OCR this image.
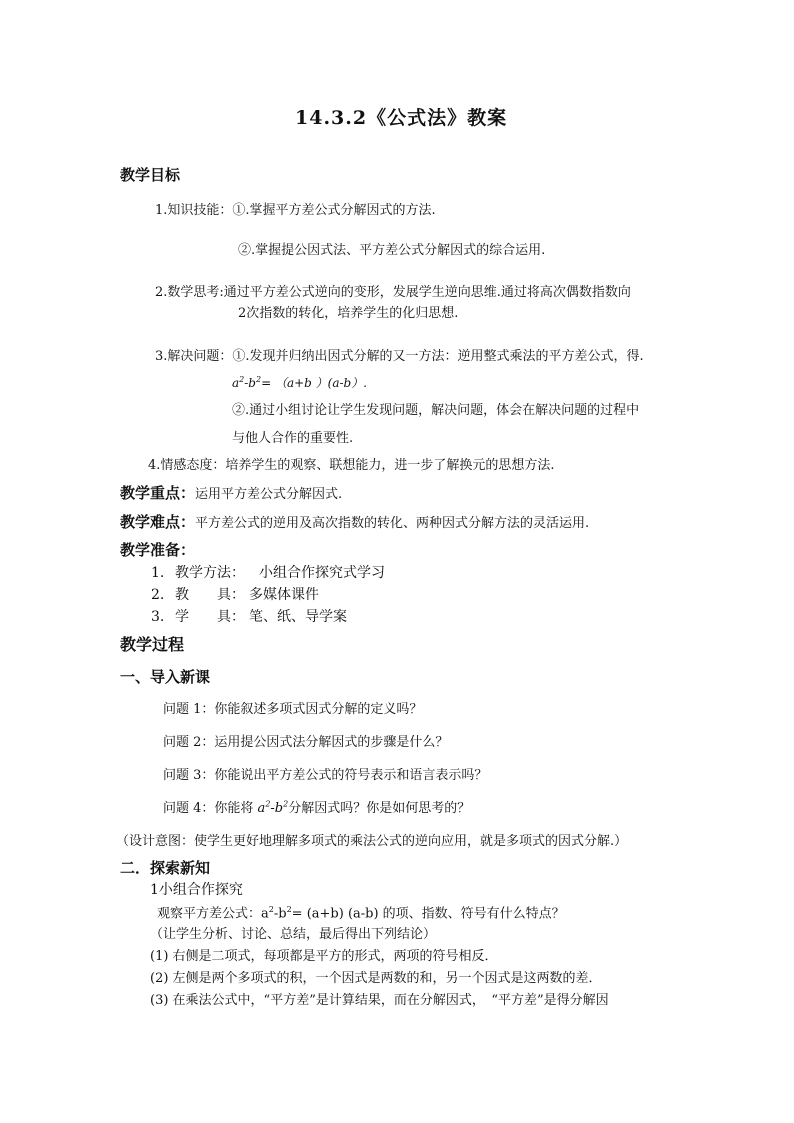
14.3.2《公式法》教案
教学目标
1.知识技能：①.掌握平方差公式分解因式的方法.
②.掌握提公因式法、平方差公式分解因式的综合运用.
2.数学思考:通过平方差公式逆向的变形，发展学生逆向思维.通过将高次偶数指数向
2次指数的转化，培养学生的化归思想.
3.解决问题：①.发现并归纳出因式分解的又一方法：逆用整式乘法的平方差公式，得.
$a^2-b^2= (a+b$ ）(a-b）.
②.通过小组讨论让学生发现问题，解决问题，体会在解决问题的过程中
与他人合作的重要性.
4.情感态度：培养学生的观察、联想能力，进一步了解换元的思想方法.
教学重点：运用平方差公式分解因式.
教学难点：平方差公式的逆用及高次指数的转化、两种因式分解方法的灵活运用.
教学准备：
1. 教学方法： 小组合作探究式学习
2. 教　　具： 多媒体课件
3. 学　　具： 笔、纸、导学案
教学过程
一、导入新课
问题 1：你能叙述多项式因式分解的定义吗？
问题 2：运用提公因式法分解因式的步骤是什么？
问题 3：你能说出平方差公式的符号表示和语言表示吗？
问题 4：你能将 $a^2-b^2$分解因式吗？你是如何思考的？
（设计意图：使学生更好地理解多项式的乘法公式的逆向应用，就是多项式的因式分解.）
二．探索新知
1小组合作探究
观察平方差公式：$a^2-b^2= (a+b)$ (a-b) 的项、指数、符号有什么特点？
（让学生分析、讨论、总结，最后得出下列结论）
(1) 右侧是二项式，每项都是平方的形式，两项的符号相反．
(2) 左侧是两个多项式的积，一个因式是两数的和，另一个因式是这两数的差．
(3) 在乘法公式中，“平方差”是计算结果，而在分解因式，　“平方差”是得分解因
